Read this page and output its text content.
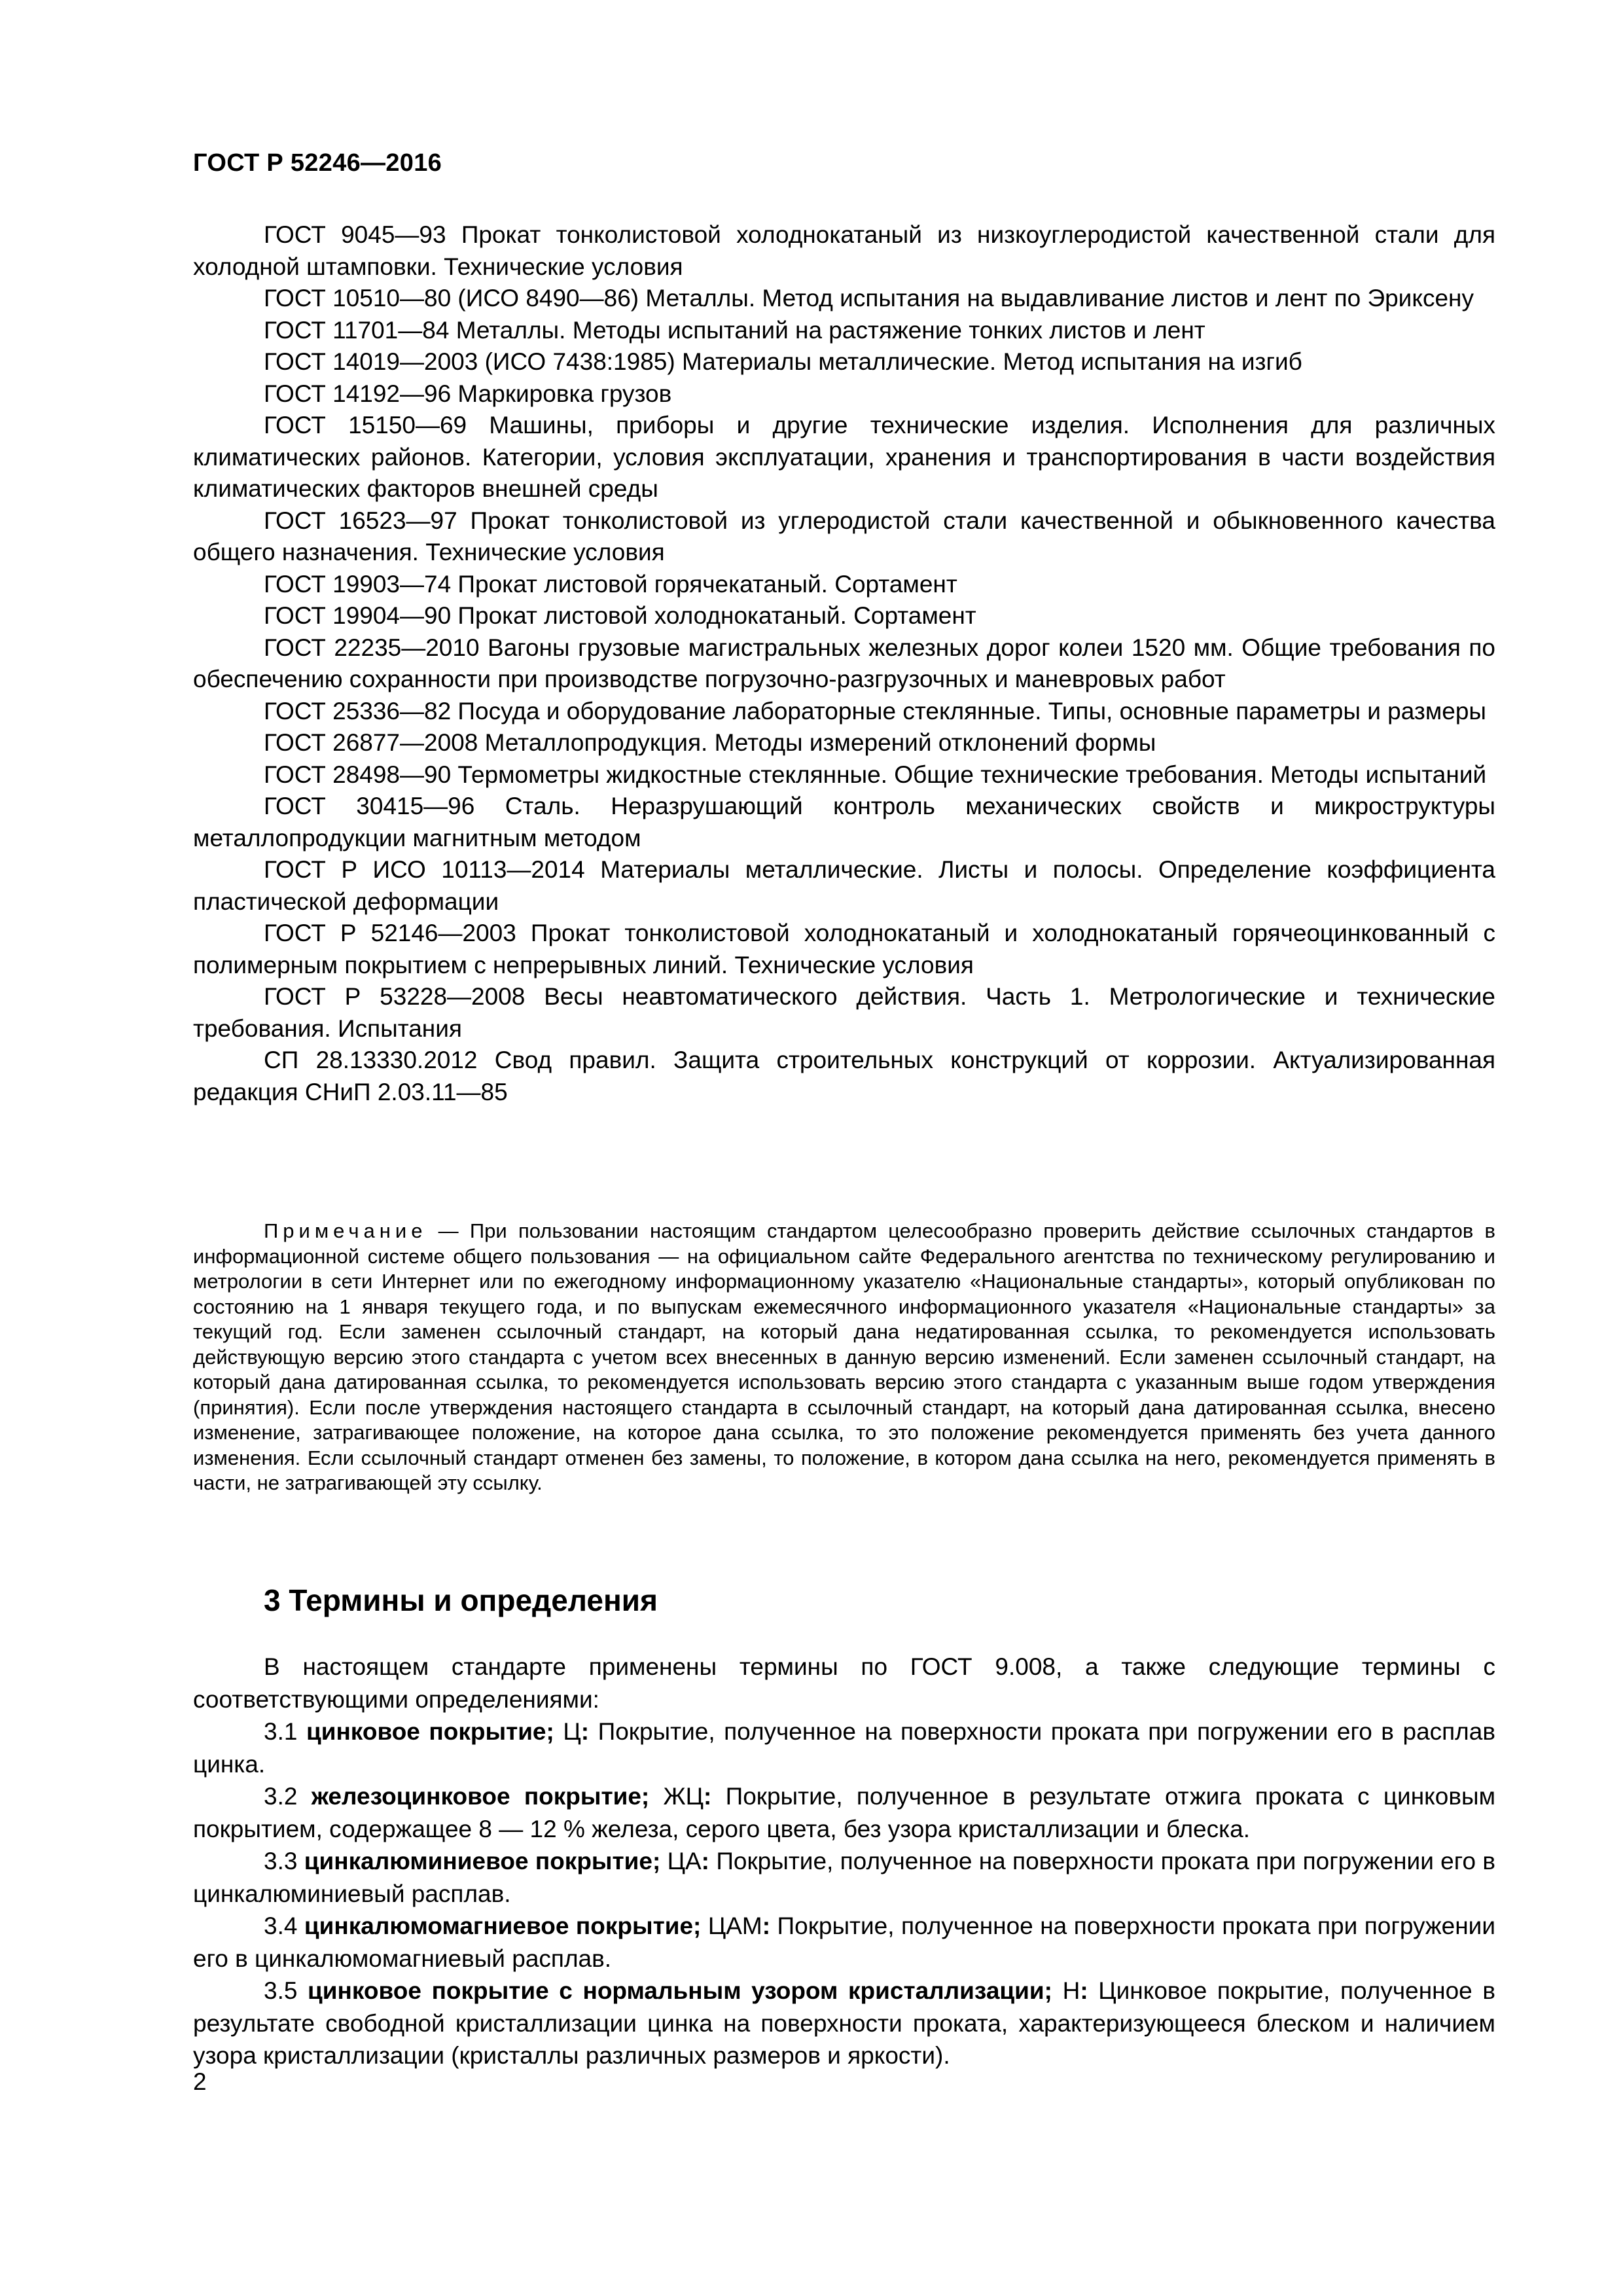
ГОСТ Р 52246—2016

ГОСТ 9045—93 Прокат тонколистовой холоднокатаный из низкоуглеродистой качественной стали для холодной штамповки. Технические условия

ГОСТ 10510—80 (ИСО 8490—86) Металлы. Метод испытания на выдавливание листов и лент по Эриксену

ГОСТ 11701—84 Металлы. Методы испытаний на растяжение тонких листов и лент

ГОСТ 14019—2003 (ИСО 7438:1985) Материалы металлические. Метод испытания на изгиб

ГОСТ 14192—96 Маркировка грузов

ГОСТ 15150—69 Машины, приборы и другие технические изделия. Исполнения для различных климатических районов. Категории, условия эксплуатации, хранения и транспортирования в части воздействия климатических факторов внешней среды

ГОСТ 16523—97 Прокат тонколистовой из углеродистой стали качественной и обыкновенного качества общего назначения. Технические условия

ГОСТ 19903—74 Прокат листовой горячекатаный. Сортамент

ГОСТ 19904—90 Прокат листовой холоднокатаный. Сортамент

ГОСТ 22235—2010 Вагоны грузовые магистральных железных дорог колеи 1520 мм. Общие требования по обеспечению сохранности при производстве погрузочно-разгрузочных и маневровых работ

ГОСТ 25336—82 Посуда и оборудование лабораторные стеклянные. Типы, основные параметры и размеры

ГОСТ 26877—2008 Металлопродукция. Методы измерений отклонений формы

ГОСТ 28498—90 Термометры жидкостные стеклянные. Общие технические требования. Методы испытаний

ГОСТ 30415—96 Сталь. Неразрушающий контроль механических свойств и микроструктуры металлопродукции магнитным методом

ГОСТ Р ИСО 10113—2014 Материалы металлические. Листы и полосы. Определение коэффициента пластической деформации

ГОСТ Р 52146—2003 Прокат тонколистовой холоднокатаный и холоднокатаный горячеоцинкованный с полимерным покрытием с непрерывных линий. Технические условия

ГОСТ Р 53228—2008 Весы неавтоматического действия. Часть 1. Метрологические и технические требования. Испытания

СП 28.13330.2012 Свод правил. Защита строительных конструкций от коррозии. Актуализированная редакция СНиП 2.03.11—85

Примечание — При пользовании настоящим стандартом целесообразно проверить действие ссылочных стандартов в информационной системе общего пользования — на официальном сайте Федерального агентства по техническому регулированию и метрологии в сети Интернет или по ежегодному информационному указателю «Национальные стандарты», который опубликован по состоянию на 1 января текущего года, и по выпускам ежемесячного информационного указателя «Национальные стандарты» за текущий год. Если заменен ссылочный стандарт, на который дана недатированная ссылка, то рекомендуется использовать действующую версию этого стандарта с учетом всех внесенных в данную версию изменений. Если заменен ссылочный стандарт, на который дана датированная ссылка, то рекомендуется использовать версию этого стандарта с указанным выше годом утверждения (принятия). Если после утверждения настоящего стандарта в ссылочный стандарт, на который дана датированная ссылка, внесено изменение, затрагивающее положение, на которое дана ссылка, то это положение рекомендуется применять без учета данного изменения. Если ссылочный стандарт отменен без замены, то положение, в котором дана ссылка на него, рекомендуется применять в части, не затрагивающей эту ссылку.

3 Термины и определения

В настоящем стандарте применены термины по ГОСТ 9.008, а также следующие термины с соответствующими определениями:

3.1 цинковое покрытие; Ц: Покрытие, полученное на поверхности проката при погружении его в расплав цинка.

3.2 железоцинковое покрытие; ЖЦ: Покрытие, полученное в результате отжига проката с цинковым покрытием, содержащее 8 — 12 % железа, серого цвета, без узора кристаллизации и блеска.

3.3 цинкалюминиевое покрытие; ЦА: Покрытие, полученное на поверхности проката при погружении его в цинкалюминиевый расплав.

3.4 цинкалюмомагниевое покрытие; ЦАМ: Покрытие, полученное на поверхности проката при погружении его в цинкалюмомагниевый расплав.

3.5 цинковое покрытие с нормальным узором кристаллизации; Н: Цинковое покрытие, полученное в результате свободной кристаллизации цинка на поверхности проката, характеризующееся блеском и наличием узора кристаллизации (кристаллы различных размеров и яркости).

2
